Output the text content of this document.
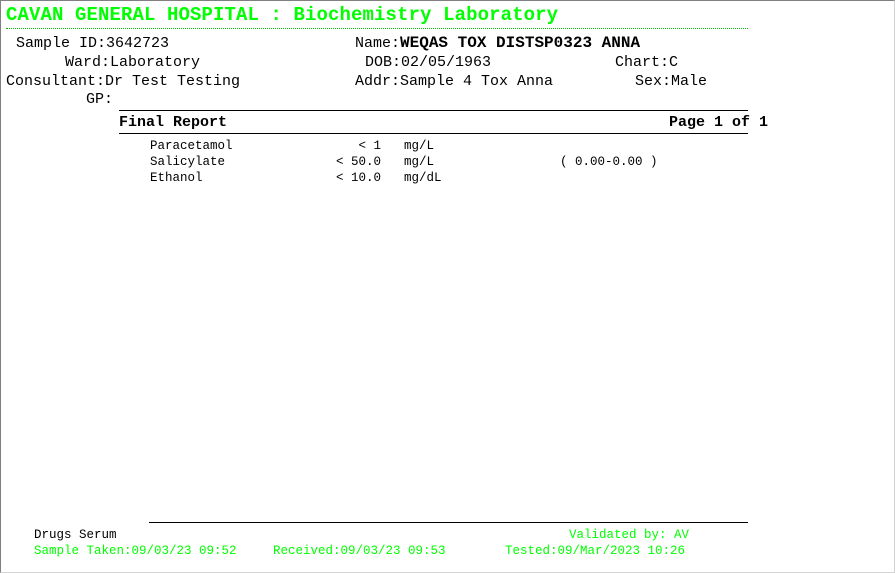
CAVAN GENERAL HOSPITAL : Biochemistry Laboratory
Sample ID:3642723	Name:WEQAS TOX DISTSP0323 ANNA
Ward:Laboratory	DOB:02/05/1963	Chart:C
Consultant:Dr Test Testing	Addr:Sample 4 Tox Anna	Sex:Male
GP:
Final Report	Page 1 of 1
Paracetamol	< 1 mg/L
Salicylate	< 50.0 mg/L	( 0.00-0.00 )
Ethanol	< 10.0 mg/dL
Drugs Serum	Validated by: AV
Sample Taken:09/03/23 09:52	Received:09/03/23 09:53	Tested:09/Mar/2023 10:26
